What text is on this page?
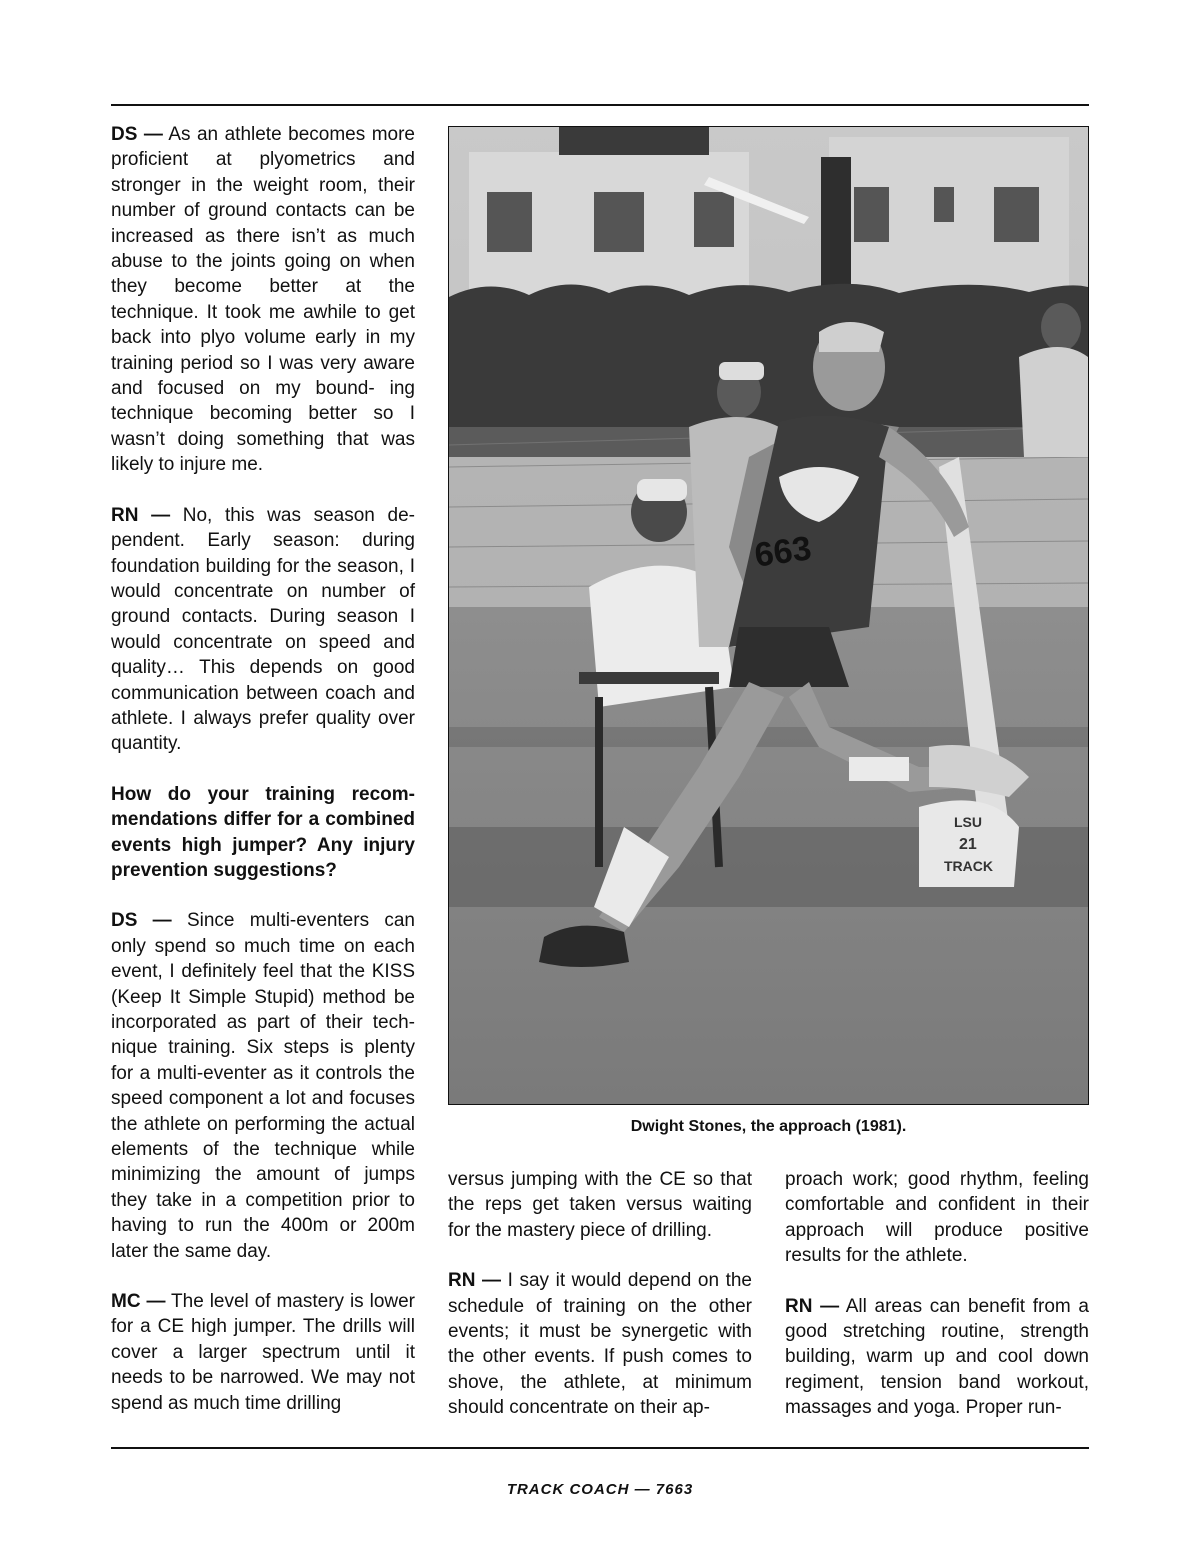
DS — As an athlete becomes more proficient at plyometrics and stronger in the weight room, their number of ground contacts can be increased as there isn’t as much abuse to the joints going on when they become better at the technique. It took me awhile to get back into plyo volume early in my training period so I was very aware and focused on my bound- ing technique becoming better so I wasn’t doing something that was likely to injure me.

RN — No, this was season de- pendent. Early season: during foundation building for the season, I would concentrate on number of ground contacts. During season I would concentrate on speed and quality… This depends on good communication between coach and athlete. I always prefer quality over quantity.

How do your training recom- mendations differ for a combined events high jumper? Any injury prevention suggestions?

DS — Since multi-eventers can only spend so much time on each event, I definitely feel that the KISS (Keep It Simple Stupid) method be incorporated as part of their tech- nique training. Six steps is plenty for a multi-eventer as it controls the speed component a lot and focuses the athlete on performing the actual elements of the technique while minimizing the amount of jumps they take in a competition prior to having to run the 400m or 200m later the same day.

MC — The level of mastery is lower for a CE high jumper. The drills will cover a larger spectrum until it needs to be narrowed. We may not spend as much time drilling

LSU
21
TRACK
663
Dwight Stones, the approach (1981).

versus jumping with the CE so that the reps get taken versus waiting for the mastery piece of drilling.

RN — I say it would depend on the schedule of training on the other events; it must be synergetic with the other events. If push comes to shove, the athlete, at minimum should concentrate on their ap-

proach work; good rhythm, feeling comfortable and confident in their approach will produce positive results for the athlete.

RN — All areas can benefit from a good stretching routine, strength building, warm up and cool down regiment, tension band workout, massages and yoga. Proper run-

TRACK COACH — 7663
